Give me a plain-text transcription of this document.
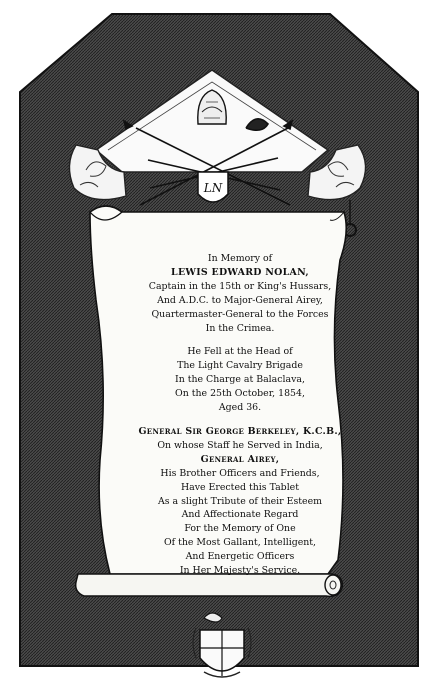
LN
In Memory of
LEWIS EDWARD NOLAN,
Captain in the 15th or King's Hussars,
And A.D.C. to Major-General Airey,
Quartermaster-General to the Forces
In the Crimea.
He Fell at the Head of
The Light Cavalry Brigade
In the Charge at Balaclava,
On the 25th October, 1854,
Aged 36.
General Sir George Berkeley, K.C.B.,
On whose Staff he Served in India,
General Airey,
His Brother Officers and Friends,
Have Erected this Tablet
As a slight Tribute of their Esteem
And Affectionate Regard
For the Memory of One
Of the Most Gallant, Intelligent,
And Energetic Officers
In Her Majesty's Service.
